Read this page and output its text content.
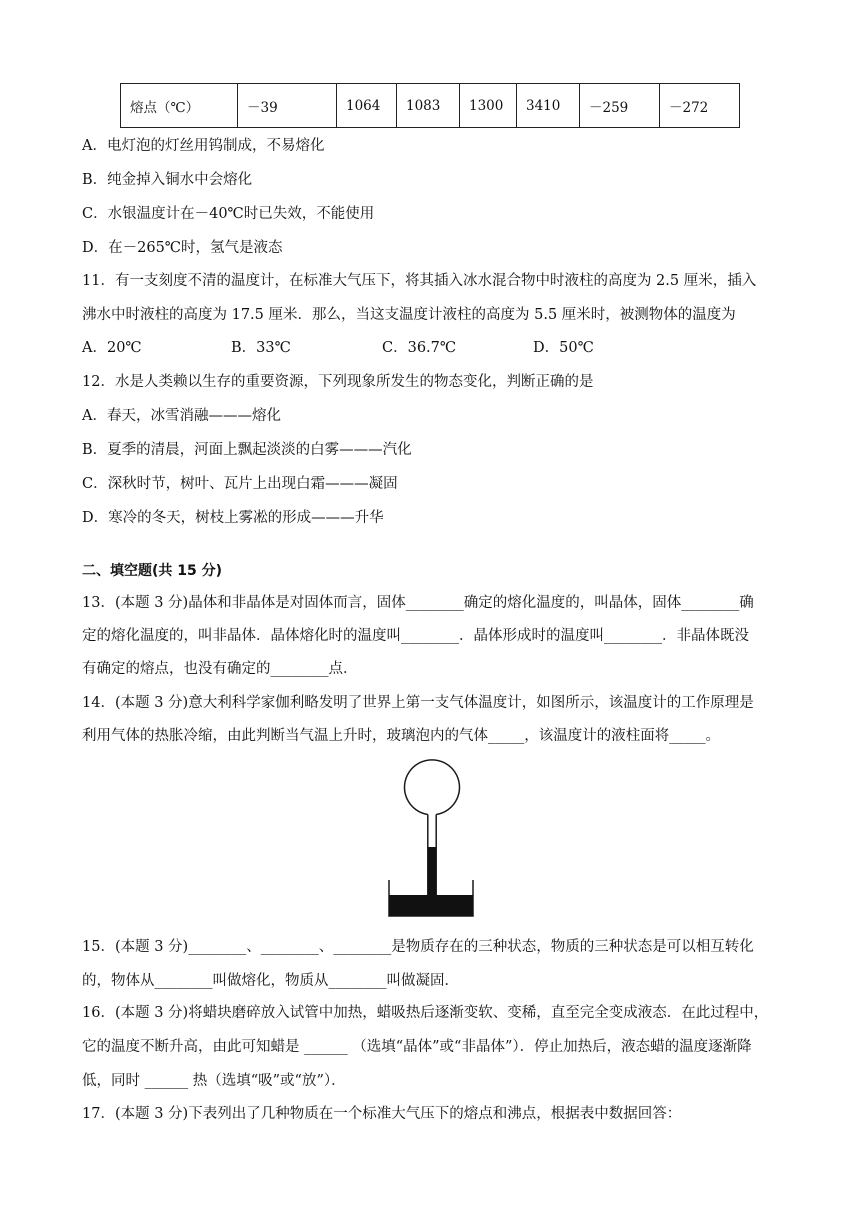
熔点（℃）	－39	1064	1083	1300	3410	－259	－272
A．电灯泡的灯丝用钨制成，不易熔化
B．纯金掉入铜水中会熔化
C．水银温度计在－40℃时已失效，不能使用
D．在－265℃时，氢气是液态
11．有一支刻度不清的温度计，在标准大气压下，将其插入冰水混合物中时液柱的高度为 2.5 厘米，插入
沸水中时液柱的高度为 17.5 厘米．那么，当这支温度计液柱的高度为 5.5 厘米时，被测物体的温度为
A．20℃	B．33℃	C．36.7℃	D．50℃
12．水是人类赖以生存的重要资源，下列现象所发生的物态变化，判断正确的是
A．春天，冰雪消融———熔化
B．夏季的清晨，河面上飘起淡淡的白雾———汽化
C．深秋时节，树叶、瓦片上出现白霜———凝固
D．寒冷的冬天，树枝上雾凇的形成———升华
二、填空题(共 15 分)
13．(本题 3 分)晶体和非晶体是对固体而言，固体________确定的熔化温度的，叫晶体，固体________确
定的熔化温度的，叫非晶体．晶体熔化时的温度叫________．晶体形成时的温度叫________．非晶体既没
有确定的熔点，也没有确定的________点．
14．(本题 3 分)意大利科学家伽利略发明了世界上第一支气体温度计，如图所示，该温度计的工作原理是
利用气体的热胀冷缩，由此判断当气温上升时，玻璃泡内的气体_____，该温度计的液柱面将_____。
15．(本题 3 分)________、________、________是物质存在的三种状态，物质的三种状态是可以相互转化
的，物体从________叫做熔化，物质从________叫做凝固．
16．(本题 3 分)将蜡块磨碎放入试管中加热，蜡吸热后逐渐变软、变稀，直至完全变成液态．在此过程中，
它的温度不断升高，由此可知蜡是 ______ （选填“晶体”或“非晶体”）．停止加热后，液态蜡的温度逐渐降
低，同时 ______ 热（选填“吸”或“放”）．
17．(本题 3 分)下表列出了几种物质在一个标准大气压下的熔点和沸点，根据表中数据回答：
